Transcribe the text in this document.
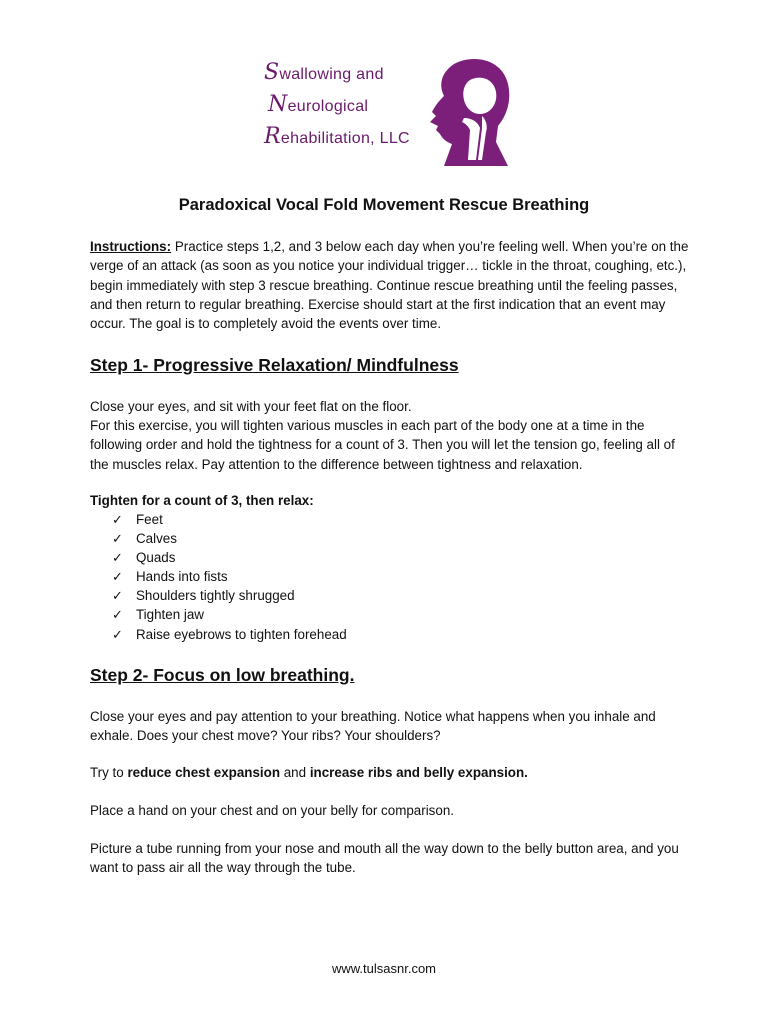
Swallowing and
Neurological
Rehabilitation, LLC
Paradoxical Vocal Fold Movement Rescue Breathing

Instructions: Practice steps 1,2, and 3 below each day when you’re feeling well. When you’re on the verge of an attack (as soon as you notice your individual trigger… tickle in the throat, coughing, etc.), begin immediately with step 3 rescue breathing. Continue rescue breathing until the feeling passes, and then return to regular breathing. Exercise should start at the first indication that an event may occur. The goal is to completely avoid the events over time.

Step 1- Progressive Relaxation/ Mindfulness

Close your eyes, and sit with your feet flat on the floor.

For this exercise, you will tighten various muscles in each part of the body one at a time in the following order and hold the tightness for a count of 3. Then you will let the tension go, feeling all of the muscles relax. Pay attention to the difference between tightness and relaxation.

Tighten for a count of 3, then relax:

✓ Feet
✓ Calves
✓ Quads
✓ Hands into fists
✓ Shoulders tightly shrugged
✓ Tighten jaw
✓ Raise eyebrows to tighten forehead
Step 2- Focus on low breathing.

Close your eyes and pay attention to your breathing. Notice what happens when you inhale and exhale. Does your chest move? Your ribs? Your shoulders?

Try to reduce chest expansion and increase ribs and belly expansion.

Place a hand on your chest and on your belly for comparison.

Picture a tube running from your nose and mouth all the way down to the belly button area, and you want to pass air all the way through the tube.

www.tulsasnr.com
